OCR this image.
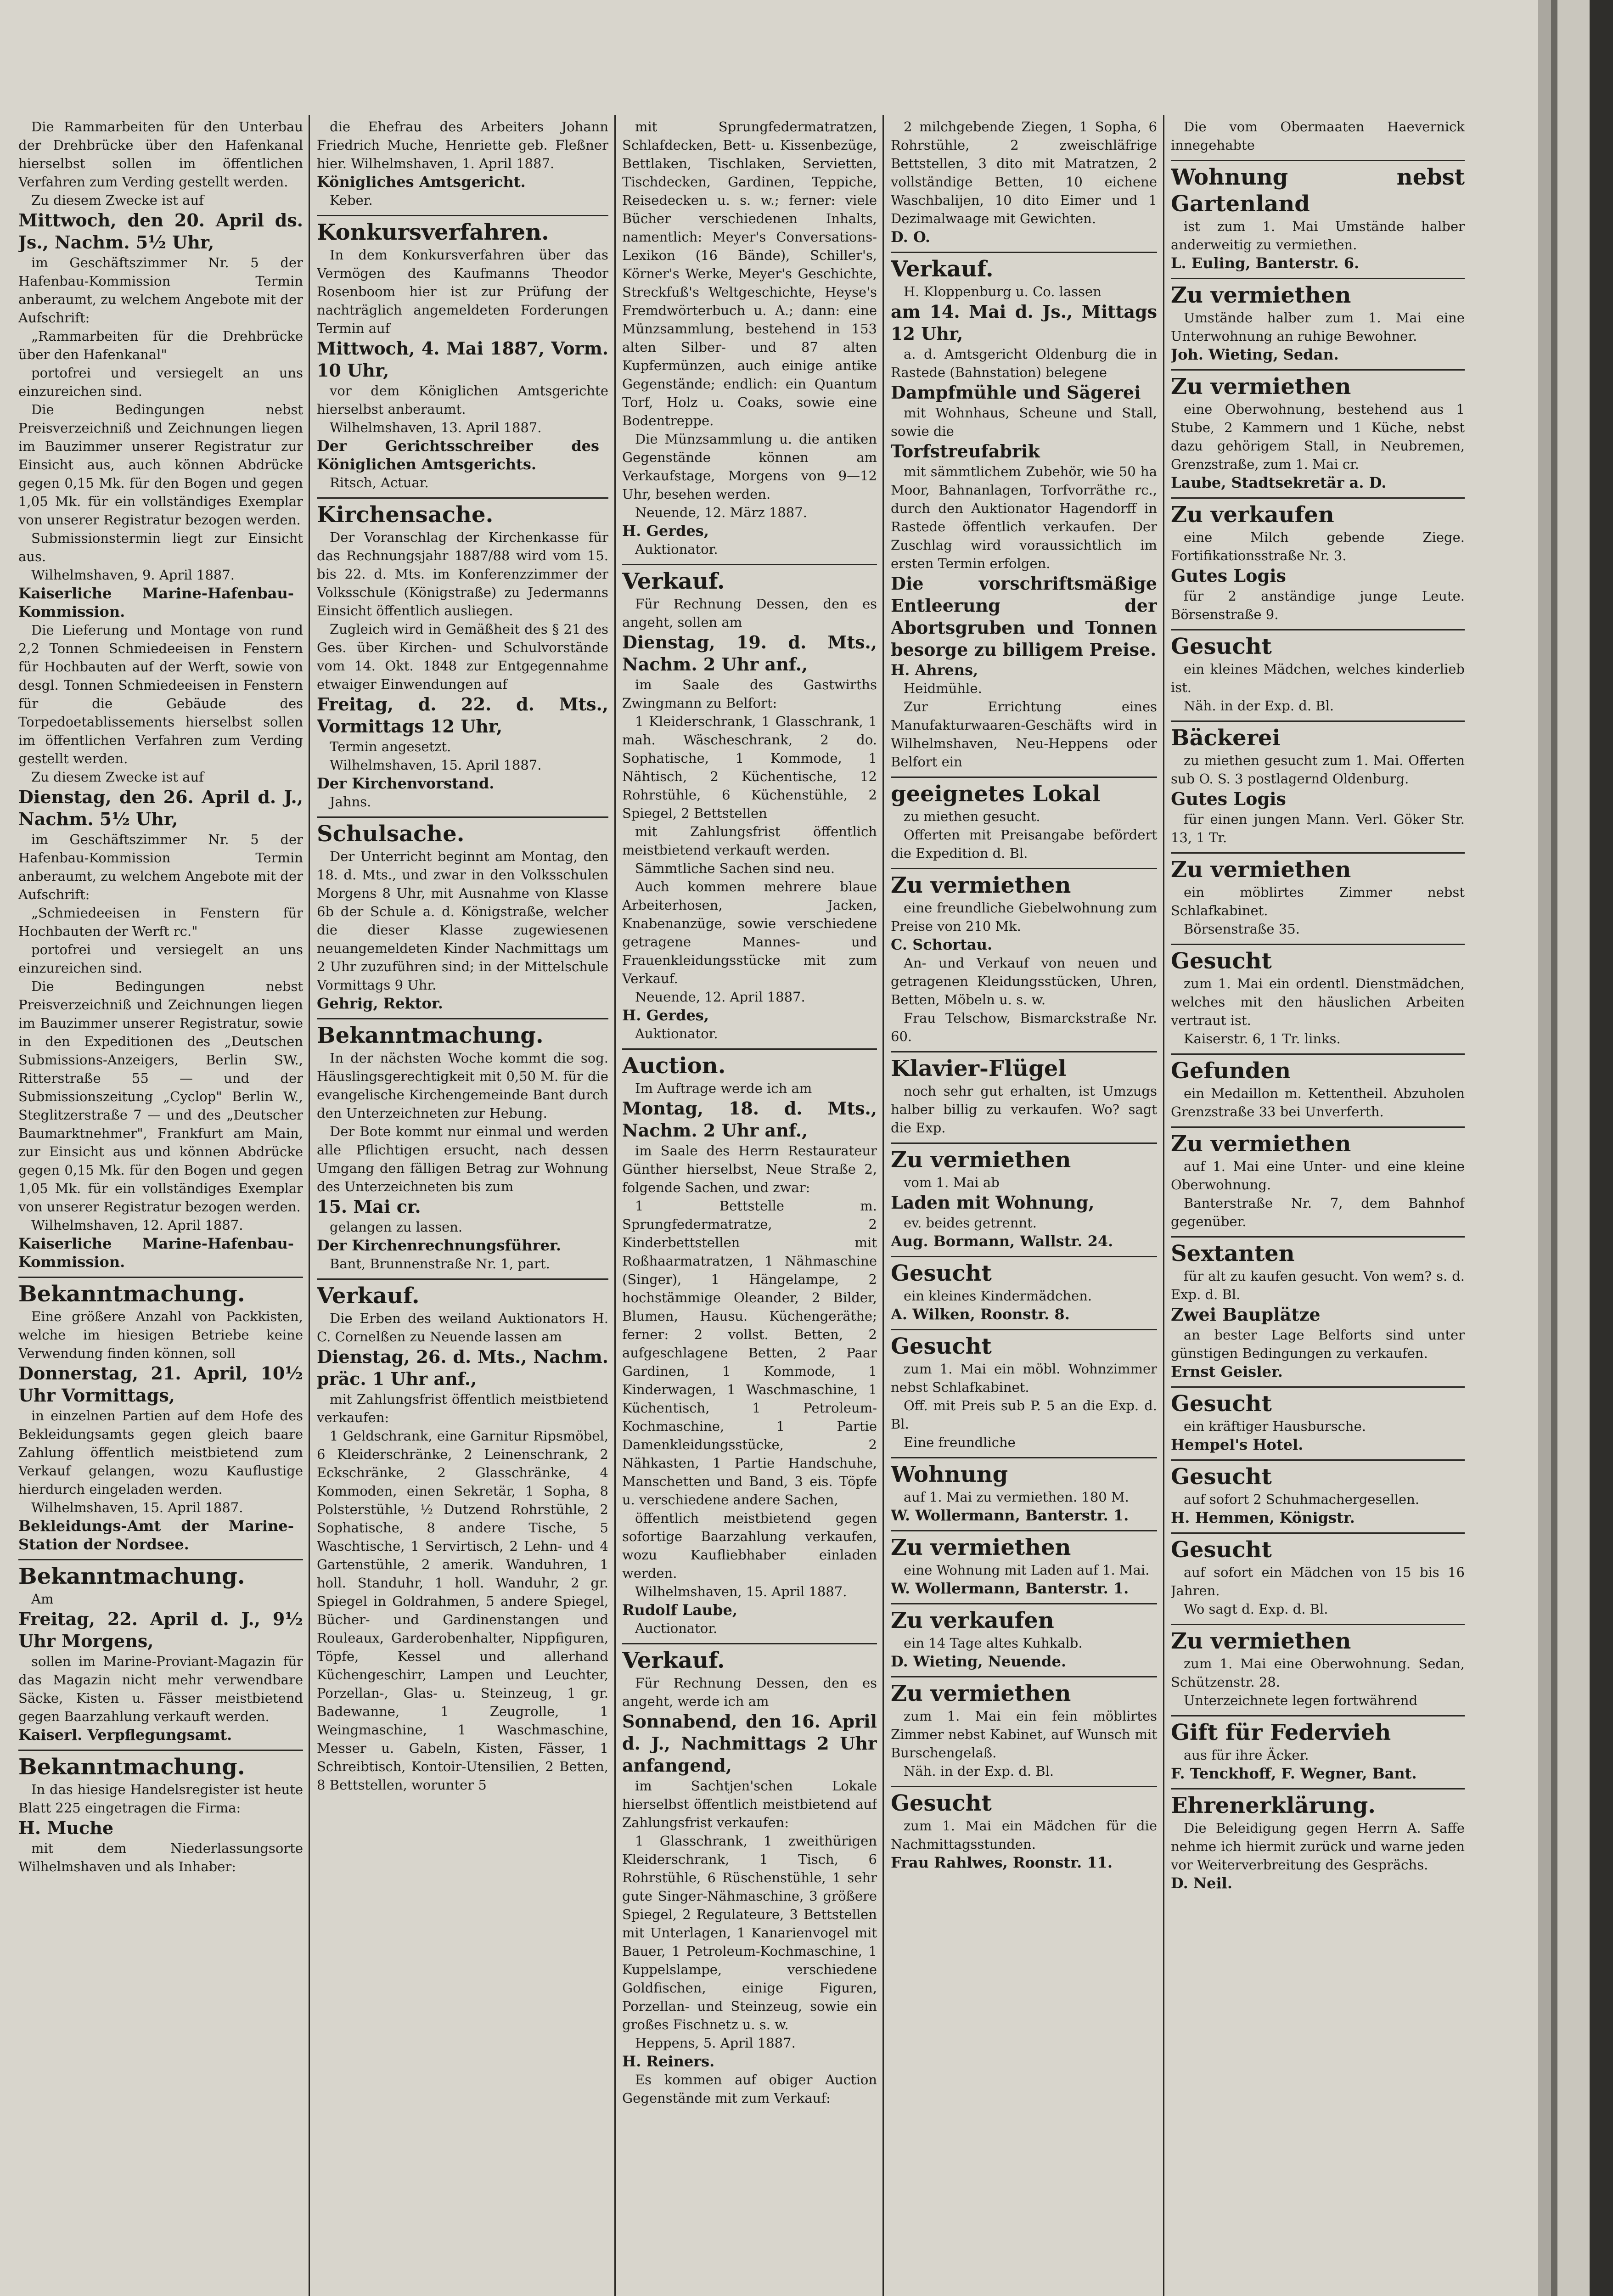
Die Rammarbeiten für den Unterbau der Drehbrücke über den Hafenkanal hierselbst sollen im öffentlichen Verfahren zum Verding gestellt werden.

Zu diesem Zwecke ist auf

Mittwoch, den 20. April ds. Js., Nachm. 5½ Uhr,

im Geschäftszimmer Nr. 5 der Hafenbau-Kommission Termin anberaumt, zu welchem Angebote mit der Aufschrift:

„Rammarbeiten für die Drehbrücke über den Hafenkanal"

portofrei und versiegelt an uns einzureichen sind.

Die Bedingungen nebst Preisverzeichniß und Zeichnungen liegen im Bauzimmer unserer Registratur zur Einsicht aus, auch können Abdrücke gegen 0,15 Mk. für den Bogen und gegen 1,05 Mk. für ein vollständiges Exemplar von unserer Registratur bezogen werden.

Submissionstermin liegt zur Einsicht aus.

Wilhelmshaven, 9. April 1887.

Kaiserliche Marine-Hafenbau-Kommission.

Die Lieferung und Montage von rund 2,2 Tonnen Schmiedeeisen in Fenstern für Hochbauten auf der Werft, sowie von desgl. Tonnen Schmiedeeisen in Fenstern für die Gebäude des Torpedoetablissements hierselbst sollen im öffentlichen Verfahren zum Verding gestellt werden.

Zu diesem Zwecke ist auf

Dienstag, den 26. April d. J., Nachm. 5½ Uhr,

im Geschäftszimmer Nr. 5 der Hafenbau-Kommission Termin anberaumt, zu welchem Angebote mit der Aufschrift:

„Schmiedeeisen in Fenstern für Hochbauten der Werft rc."

portofrei und versiegelt an uns einzureichen sind.

Die Bedingungen nebst Preisverzeichniß und Zeichnungen liegen im Bauzimmer unserer Registratur, sowie in den Expeditionen des „Deutschen Submissions-Anzeigers, Berlin SW., Ritterstraße 55 — und der Submissionszeitung „Cyclop" Berlin W., Steglitzerstraße 7 — und des „Deutscher Baumarktnehmer", Frankfurt am Main, zur Einsicht aus und können Abdrücke gegen 0,15 Mk. für den Bogen und gegen 1,05 Mk. für ein vollständiges Exemplar von unserer Registratur bezogen werden.

Wilhelmshaven, 12. April 1887.

Kaiserliche Marine-Hafenbau-Kommission.

Bekanntmachung.

Eine größere Anzahl von Packkisten, welche im hiesigen Betriebe keine Verwendung finden können, soll

Donnerstag, 21. April, 10½ Uhr Vormittags,

in einzelnen Partien auf dem Hofe des Bekleidungsamts gegen gleich baare Zahlung öffentlich meistbietend zum Verkauf gelangen, wozu Kauflustige hierdurch eingeladen werden.

Wilhelmshaven, 15. April 1887.

Bekleidungs-Amt der Marine-Station der Nordsee.

Bekanntmachung.

Am

Freitag, 22. April d. J., 9½ Uhr Morgens,

sollen im Marine-Proviant-Magazin für das Magazin nicht mehr verwendbare Säcke, Kisten u. Fässer meistbietend gegen Baarzahlung verkauft werden.

Kaiserl. Verpflegungsamt.

Bekanntmachung.

In das hiesige Handelsregister ist heute Blatt 225 eingetragen die Firma:

H. Muche

mit dem Niederlassungsorte Wilhelmshaven und als Inhaber:

die Ehefrau des Arbeiters Johann Friedrich Muche, Henriette geb. Fleßner hier. Wilhelmshaven, 1. April 1887.

Königliches Amtsgericht.

Keber.

Konkursverfahren.

In dem Konkursverfahren über das Vermögen des Kaufmanns Theodor Rosenboom hier ist zur Prüfung der nachträglich angemeldeten Forderungen Termin auf

Mittwoch, 4. Mai 1887, Vorm. 10 Uhr,

vor dem Königlichen Amtsgerichte hierselbst anberaumt.

Wilhelmshaven, 13. April 1887.

Der Gerichtsschreiber des Königlichen Amtsgerichts.

Ritsch, Actuar.

Kirchensache.

Der Voranschlag der Kirchenkasse für das Rechnungsjahr 1887/88 wird vom 15. bis 22. d. Mts. im Konferenzzimmer der Volksschule (Königstraße) zu Jedermanns Einsicht öffentlich ausliegen.

Zugleich wird in Gemäßheit des § 21 des Ges. über Kirchen- und Schulvorstände vom 14. Okt. 1848 zur Entgegennahme etwaiger Einwendungen auf

Freitag, d. 22. d. Mts., Vormittags 12 Uhr,

Termin angesetzt.

Wilhelmshaven, 15. April 1887.

Der Kirchenvorstand.

Jahns.

Schulsache.

Der Unterricht beginnt am Montag, den 18. d. Mts., und zwar in den Volksschulen Morgens 8 Uhr, mit Ausnahme von Klasse 6b der Schule a. d. Königstraße, welcher die dieser Klasse zugewiesenen neuangemeldeten Kinder Nachmittags um 2 Uhr zuzuführen sind; in der Mittelschule Vormittags 9 Uhr.

Gehrig, Rektor.

Bekanntmachung.

In der nächsten Woche kommt die sog. Häuslingsgerechtigkeit mit 0,50 M. für die evangelische Kirchengemeinde Bant durch den Unterzeichneten zur Hebung.

Der Bote kommt nur einmal und werden alle Pflichtigen ersucht, nach dessen Umgang den fälligen Betrag zur Wohnung des Unterzeichneten bis zum

15. Mai cr.

gelangen zu lassen.

Der Kirchenrechnungsführer.

Bant, Brunnenstraße Nr. 1, part.

Verkauf.

Die Erben des weiland Auktionators H. C. Cornelßen zu Neuende lassen am

Dienstag, 26. d. Mts., Nachm. präc. 1 Uhr anf.,

mit Zahlungsfrist öffentlich meistbietend verkaufen:

1 Geldschrank, eine Garnitur Ripsmöbel, 6 Kleiderschränke, 2 Leinenschrank, 2 Eckschränke, 2 Glasschränke, 4 Kommoden, einen Sekretär, 1 Sopha, 8 Polsterstühle, ½ Dutzend Rohrstühle, 2 Sophatische, 8 andere Tische, 5 Waschtische, 1 Servirtisch, 2 Lehn- und 4 Gartenstühle, 2 amerik. Wanduhren, 1 holl. Standuhr, 1 holl. Wanduhr, 2 gr. Spiegel in Goldrahmen, 5 andere Spiegel, Bücher- und Gardinenstangen und Rouleaux, Garderobenhalter, Nippfiguren, Töpfe, Kessel und allerhand Küchengeschirr, Lampen und Leuchter, Porzellan-, Glas- u. Steinzeug, 1 gr. Badewanne, 1 Zeugrolle, 1 Weingmaschine, 1 Waschmaschine, Messer u. Gabeln, Kisten, Fässer, 1 Schreibtisch, Kontoir-Utensilien, 2 Betten, 8 Bettstellen, worunter 5

mit Sprungfedermatratzen, Schlafdecken, Bett- u. Kissenbezüge, Bettlaken, Tischlaken, Servietten, Tischdecken, Gardinen, Teppiche, Reisedecken u. s. w.; ferner: viele Bücher verschiedenen Inhalts, namentlich: Meyer's Conversations-Lexikon (16 Bände), Schiller's, Körner's Werke, Meyer's Geschichte, Streckfuß's Weltgeschichte, Heyse's Fremdwörterbuch u. A.; dann: eine Münzsammlung, bestehend in 153 alten Silber- und 87 alten Kupfermünzen, auch einige antike Gegenstände; endlich: ein Quantum Torf, Holz u. Coaks, sowie eine Bodentreppe.

Die Münzsammlung u. die antiken Gegenstände können am Verkaufstage, Morgens von 9—12 Uhr, besehen werden.

Neuende, 12. März 1887.

H. Gerdes,

Auktionator.

Verkauf.

Für Rechnung Dessen, den es angeht, sollen am

Dienstag, 19. d. Mts., Nachm. 2 Uhr anf.,

im Saale des Gastwirths Zwingmann zu Belfort:

1 Kleiderschrank, 1 Glasschrank, 1 mah. Wäscheschrank, 2 do. Sophatische, 1 Kommode, 1 Nähtisch, 2 Küchentische, 12 Rohrstühle, 6 Küchenstühle, 2 Spiegel, 2 Bettstellen

mit Zahlungsfrist öffentlich meistbietend verkauft werden.

Sämmtliche Sachen sind neu.

Auch kommen mehrere blaue Arbeiterhosen, Jacken, Knabenanzüge, sowie verschiedene getragene Mannes- und Frauenkleidungsstücke mit zum Verkauf.

Neuende, 12. April 1887.

H. Gerdes,

Auktionator.

Auction.

Im Auftrage werde ich am

Montag, 18. d. Mts., Nachm. 2 Uhr anf.,

im Saale des Herrn Restaurateur Günther hierselbst, Neue Straße 2, folgende Sachen, und zwar:

1 Bettstelle m. Sprungfedermatratze, 2 Kinderbettstellen mit Roßhaarmatratzen, 1 Nähmaschine (Singer), 1 Hängelampe, 2 hochstämmige Oleander, 2 Bilder, Blumen, Hausu. Küchengeräthe; ferner: 2 vollst. Betten, 2 aufgeschlagene Betten, 2 Paar Gardinen, 1 Kommode, 1 Kinderwagen, 1 Waschmaschine, 1 Küchentisch, 1 Petroleum-Kochmaschine, 1 Partie Damenkleidungsstücke, 2 Nähkasten, 1 Partie Handschuhe, Manschetten und Band, 3 eis. Töpfe u. verschiedene andere Sachen,

öffentlich meistbietend gegen sofortige Baarzahlung verkaufen, wozu Kaufliebhaber einladen werden.

Wilhelmshaven, 15. April 1887.

Rudolf Laube,

Auctionator.

Verkauf.

Für Rechnung Dessen, den es angeht, werde ich am

Sonnabend, den 16. April d. J., Nachmittags 2 Uhr anfangend,

im Sachtjen'schen Lokale hierselbst öffentlich meistbietend auf Zahlungsfrist verkaufen:

1 Glasschrank, 1 zweithürigen Kleiderschrank, 1 Tisch, 6 Rohrstühle, 6 Rüschenstühle, 1 sehr gute Singer-Nähmaschine, 3 größere Spiegel, 2 Regulateure, 3 Bettstellen mit Unterlagen, 1 Kanarienvogel mit Bauer, 1 Petroleum-Kochmaschine, 1 Kuppelslampe, verschiedene Goldfischen, einige Figuren, Porzellan- und Steinzeug, sowie ein großes Fischnetz u. s. w.

Heppens, 5. April 1887.

H. Reiners.

Es kommen auf obiger Auction Gegenstände mit zum Verkauf:

2 milchgebende Ziegen, 1 Sopha, 6 Rohrstühle, 2 zweischläfrige Bettstellen, 3 dito mit Matratzen, 2 vollständige Betten, 10 eichene Waschbalijen, 10 dito Eimer und 1 Dezimalwaage mit Gewichten.

D. O.

Verkauf.

H. Kloppenburg u. Co. lassen

am 14. Mai d. Js., Mittags 12 Uhr,

a. d. Amtsgericht Oldenburg die in Rastede (Bahnstation) belegene

Dampfmühle und Sägerei

mit Wohnhaus, Scheune und Stall, sowie die

Torfstreufabrik

mit sämmtlichem Zubehör, wie 50 ha Moor, Bahnanlagen, Torfvorräthe rc., durch den Auktionator Hagendorff in Rastede öffentlich verkaufen. Der Zuschlag wird voraussichtlich im ersten Termin erfolgen.

Die vorschriftsmäßige Entleerung der Abortsgruben und Tonnen besorge zu billigem Preise.

H. Ahrens,

Heidmühle.

Zur Errichtung eines Manufakturwaaren-Geschäfts wird in Wilhelmshaven, Neu-Heppens oder Belfort ein

geeignetes Lokal

zu miethen gesucht.

Offerten mit Preisangabe befördert die Expedition d. Bl.

Zu vermiethen

eine freundliche Giebelwohnung zum Preise von 210 Mk.

C. Schortau.

An- und Verkauf von neuen und getragenen Kleidungsstücken, Uhren, Betten, Möbeln u. s. w.

Frau Telschow, Bismarckstraße Nr. 60.

Klavier-Flügel

noch sehr gut erhalten, ist Umzugs halber billig zu verkaufen. Wo? sagt die Exp.

Zu vermiethen

vom 1. Mai ab

Laden mit Wohnung,

ev. beides getrennt.

Aug. Bormann, Wallstr. 24.

Gesucht

ein kleines Kindermädchen.

A. Wilken, Roonstr. 8.

Gesucht

zum 1. Mai ein möbl. Wohnzimmer nebst Schlafkabinet.

Off. mit Preis sub P. 5 an die Exp. d. Bl.

Eine freundliche

Wohnung

auf 1. Mai zu vermiethen. 180 M.

W. Wollermann, Banterstr. 1.

Zu vermiethen

eine Wohnung mit Laden auf 1. Mai.

W. Wollermann, Banterstr. 1.

Zu verkaufen

ein 14 Tage altes Kuhkalb.

D. Wieting, Neuende.

Zu vermiethen

zum 1. Mai ein fein möblirtes Zimmer nebst Kabinet, auf Wunsch mit Burschengelaß.

Näh. in der Exp. d. Bl.

Gesucht

zum 1. Mai ein Mädchen für die Nachmittagsstunden.

Frau Rahlwes, Roonstr. 11.

Die vom Obermaaten Haevernick innegehabte

Wohnung nebst Gartenland

ist zum 1. Mai Umstände halber anderweitig zu vermiethen.

L. Euling, Banterstr. 6.

Zu vermiethen

Umstände halber zum 1. Mai eine Unterwohnung an ruhige Bewohner.

Joh. Wieting, Sedan.

Zu vermiethen

eine Oberwohnung, bestehend aus 1 Stube, 2 Kammern und 1 Küche, nebst dazu gehörigem Stall, in Neubremen, Grenzstraße, zum 1. Mai cr.

Laube, Stadtsekretär a. D.

Zu verkaufen

eine Milch gebende Ziege. Fortifikationsstraße Nr. 3.

Gutes Logis

für 2 anständige junge Leute. Börsenstraße 9.

Gesucht

ein kleines Mädchen, welches kinderlieb ist.

Näh. in der Exp. d. Bl.

Bäckerei

zu miethen gesucht zum 1. Mai. Offerten sub O. S. 3 postlagernd Oldenburg.

Gutes Logis

für einen jungen Mann. Verl. Göker Str. 13, 1 Tr.

Zu vermiethen

ein möblirtes Zimmer nebst Schlafkabinet.

Börsenstraße 35.

Gesucht

zum 1. Mai ein ordentl. Dienstmädchen, welches mit den häuslichen Arbeiten vertraut ist.

Kaiserstr. 6, 1 Tr. links.

Gefunden

ein Medaillon m. Kettentheil. Abzuholen Grenzstraße 33 bei Unverferth.

Zu vermiethen

auf 1. Mai eine Unter- und eine kleine Oberwohnung.

Banterstraße Nr. 7, dem Bahnhof gegenüber.

Sextanten

für alt zu kaufen gesucht. Von wem? s. d. Exp. d. Bl.

Zwei Bauplätze

an bester Lage Belforts sind unter günstigen Bedingungen zu verkaufen.

Ernst Geisler.

Gesucht

ein kräftiger Hausbursche.

Hempel's Hotel.

Gesucht

auf sofort 2 Schuhmachergesellen.

H. Hemmen, Königstr.

Gesucht

auf sofort ein Mädchen von 15 bis 16 Jahren.

Wo sagt d. Exp. d. Bl.

Zu vermiethen

zum 1. Mai eine Oberwohnung. Sedan, Schützenstr. 28.

Unterzeichnete legen fortwährend

Gift für Federvieh

aus für ihre Äcker.

F. Tenckhoff, F. Wegner, Bant.

Ehrenerklärung.

Die Beleidigung gegen Herrn A. Saffe nehme ich hiermit zurück und warne jeden vor Weiterverbreitung des Gesprächs.

D. Neil.
